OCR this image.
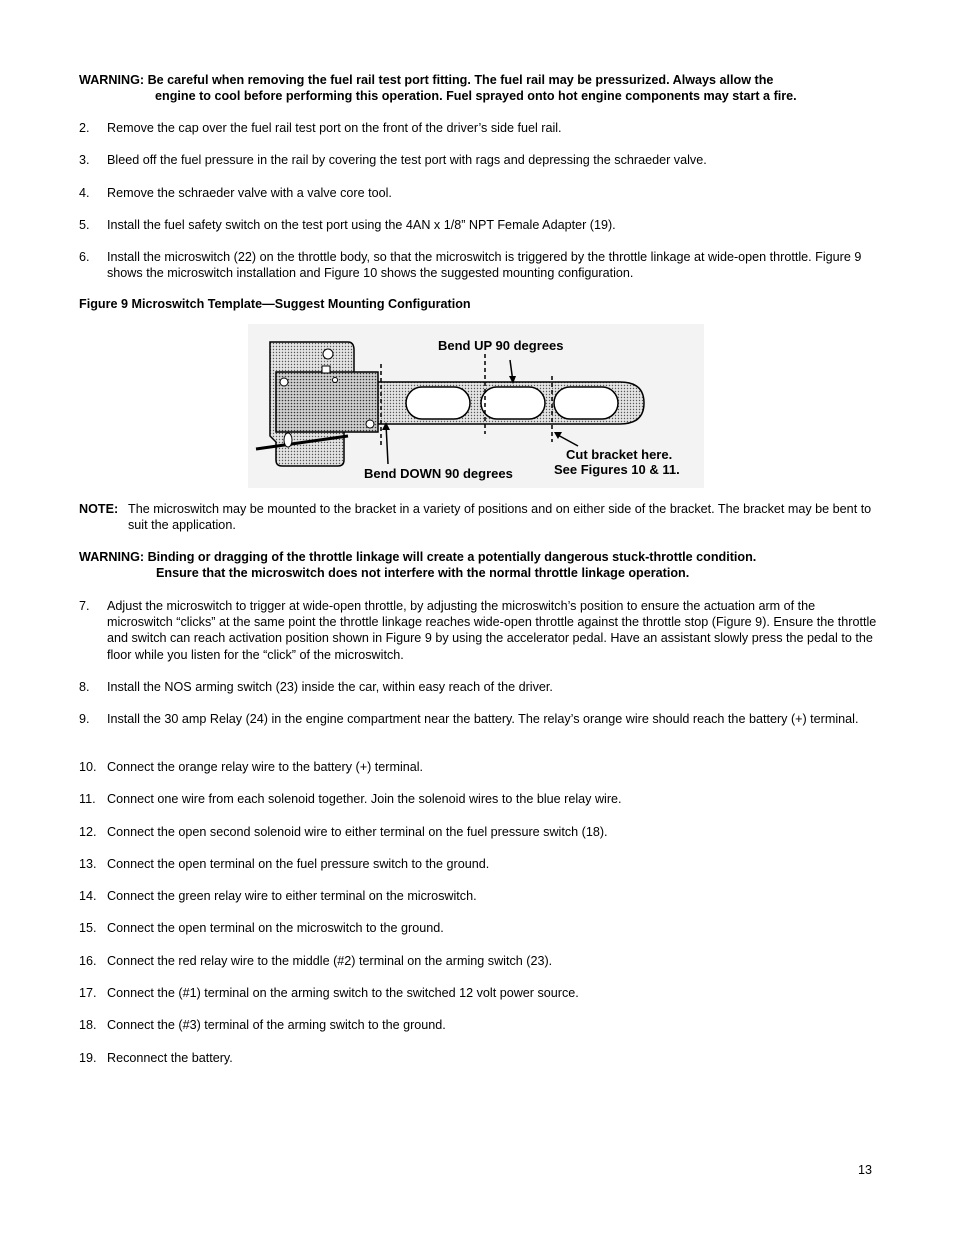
WARNING: Be careful when removing the fuel rail test port fitting. The fuel rail may be pressurized. Always allow the
engine to cool before performing this operation. Fuel sprayed onto hot engine components may start a fire.
2.	Remove the cap over the fuel rail test port on the front of the driver’s side fuel rail.
3.	Bleed off the fuel pressure in the rail by covering the test port with rags and depressing the schraeder valve.
4.	Remove the schraeder valve with a valve core tool.
5.	Install the fuel safety switch on the test port using the 4AN x 1/8” NPT Female Adapter (19).
6.	Install the microswitch (22) on the throttle body, so that the microswitch is triggered by the throttle linkage at wide-open throttle. Figure 9 shows the microswitch installation and Figure 10 shows the suggested mounting configuration.
Figure 9 Microswitch Template—Suggest Mounting Configuration
Bend UP 90 degrees
Bend DOWN 90 degrees
Cut bracket here.
See Figures 10 & 11.
NOTE: The microswitch may be mounted to the bracket in a variety of positions and on either side of the bracket. The bracket may be bent to suit the application.
WARNING: Binding or dragging of the throttle linkage will create a potentially dangerous stuck-throttle condition.
Ensure that the microswitch does not interfere with the normal throttle linkage operation.
7.	Adjust the microswitch to trigger at wide-open throttle, by adjusting the microswitch’s position to ensure the actuation arm of the microswitch “clicks” at the same point the throttle linkage reaches wide-open throttle against the throttle stop (Figure 9). Ensure the throttle and switch can reach activation position shown in Figure 9 by using the accelerator pedal. Have an assistant slowly press the pedal to the floor while you listen for the “click” of the microswitch.
8.	Install the NOS arming switch (23) inside the car, within easy reach of the driver.
9.	Install the 30 amp Relay (24) in the engine compartment near the battery. The relay’s orange wire should reach the battery (+) terminal.
10. Connect the orange relay wire to the battery (+) terminal.
11. Connect one wire from each solenoid together. Join the solenoid wires to the blue relay wire.
12. Connect the open second solenoid wire to either terminal on the fuel pressure switch (18).
13. Connect the open terminal on the fuel pressure switch to the ground.
14. Connect the green relay wire to either terminal on the microswitch.
15. Connect the open terminal on the microswitch to the ground.
16. Connect the red relay wire to the middle (#2) terminal on the arming switch (23).
17. Connect the (#1) terminal on the arming switch to the switched 12 volt power source.
18. Connect the (#3) terminal of the arming switch to the ground.
19. Reconnect the battery.
13
